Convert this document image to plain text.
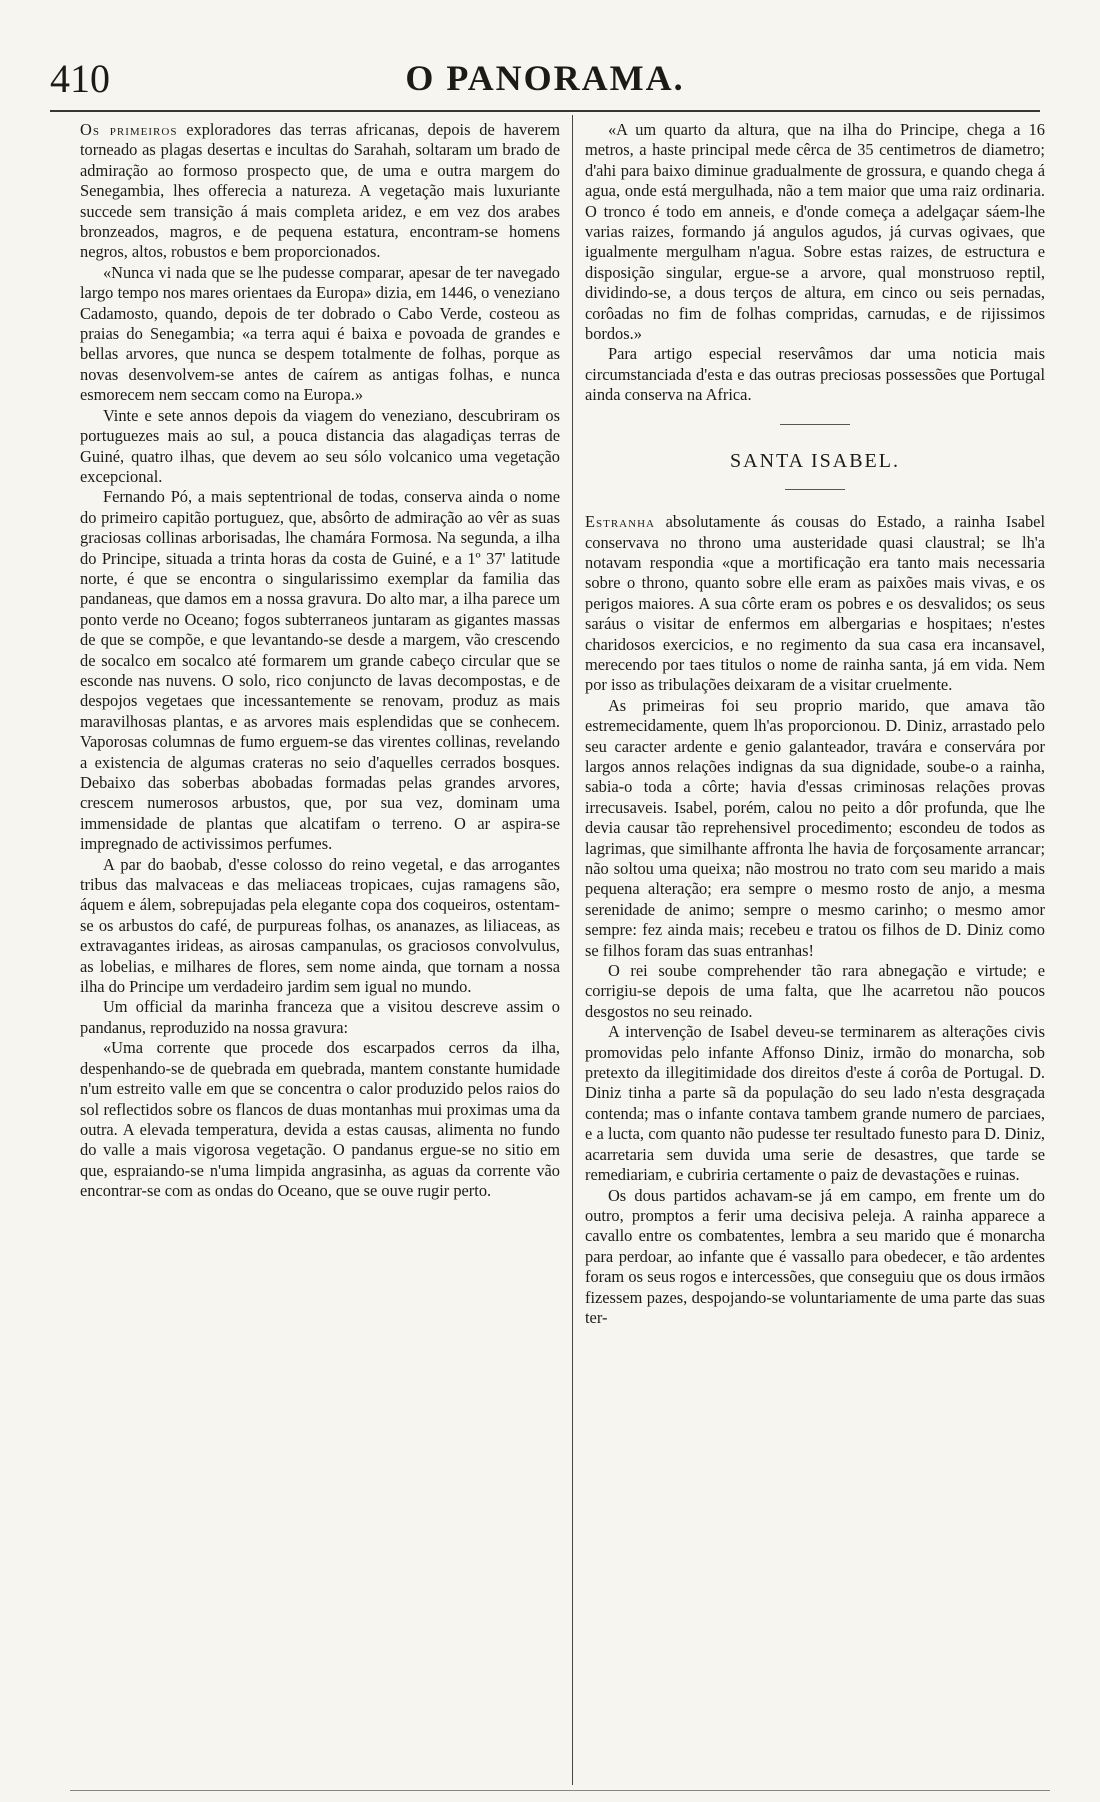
410	O PANORAMA.

Os primeiros exploradores das terras africanas, depois de haverem torneado as plagas desertas e incultas do Sarahah, soltaram um brado de admiração ao formoso prospecto que, de uma e outra margem do Senegambia, lhes offerecia a natureza. A vegetação mais luxuriante succede sem transição á mais completa aridez, e em vez dos arabes bronzeados, magros, e de pequena estatura, encontram-se homens negros, altos, robustos e bem proporcionados.

«Nunca vi nada que se lhe pudesse comparar, apesar de ter navegado largo tempo nos mares orientaes da Europa» dizia, em 1446, o veneziano Cadamosto, quando, depois de ter dobrado o Cabo Verde, costeou as praias do Senegambia; «a terra aqui é baixa e povoada de grandes e bellas arvores, que nunca se despem totalmente de folhas, porque as novas desenvolvem-se antes de caírem as antigas folhas, e nunca esmorecem nem seccam como na Europa.»

Vinte e sete annos depois da viagem do veneziano, descubriram os portuguezes mais ao sul, a pouca distancia das alagadiças terras de Guiné, quatro ilhas, que devem ao seu sólo volcanico uma vegetação excepcional.

Fernando Pó, a mais septentrional de todas, conserva ainda o nome do primeiro capitão portuguez, que, absôrto de admiração ao vêr as suas graciosas collinas arborisadas, lhe chamára Formosa. Na segunda, a ilha do Principe, situada a trinta horas da costa de Guiné, e a 1º 37' latitude norte, é que se encontra o singularissimo exemplar da familia das pandaneas, que damos em a nossa gravura. Do alto mar, a ilha parece um ponto verde no Oceano; fogos subterraneos juntaram as gigantes massas de que se compõe, e que levantando-se desde a margem, vão crescendo de socalco em socalco até formarem um grande cabeço circular que se esconde nas nuvens. O solo, rico conjuncto de lavas decompostas, e de despojos vegetaes que incessantemente se renovam, produz as mais maravilhosas plantas, e as arvores mais esplendidas que se conhecem. Vaporosas columnas de fumo erguem-se das virentes collinas, revelando a existencia de algumas crateras no seio d'aquelles cerrados bosques. Debaixo das soberbas abobadas formadas pelas grandes arvores, crescem numerosos arbustos, que, por sua vez, dominam uma immensidade de plantas que alcatifam o terreno. O ar aspira-se impregnado de activissimos perfumes.

A par do baobab, d'esse colosso do reino vegetal, e das arrogantes tribus das malvaceas e das meliaceas tropicaes, cujas ramagens são, áquem e álem, sobrepujadas pela elegante copa dos coqueiros, ostentam-se os arbustos do café, de purpureas folhas, os ananazes, as liliaceas, as extravagantes irideas, as airosas campanulas, os graciosos convolvulus, as lobelias, e milhares de flores, sem nome ainda, que tornam a nossa ilha do Principe um verdadeiro jardim sem igual no mundo.

Um official da marinha franceza que a visitou descreve assim o pandanus, reproduzido na nossa gravura:

«Uma corrente que procede dos escarpados cerros da ilha, despenhando-se de quebrada em quebrada, mantem constante humidade n'um estreito valle em que se concentra o calor produzido pelos raios do sol reflectidos sobre os flancos de duas montanhas mui proximas uma da outra. A elevada temperatura, devida a estas causas, alimenta no fundo do valle a mais vigorosa vegetação. O pandanus ergue-se no sitio em que, espraiando-se n'uma limpida angrasinha, as aguas da corrente vão encontrar-se com as ondas do Oceano, que se ouve rugir perto.

«A um quarto da altura, que na ilha do Principe, chega a 16 metros, a haste principal mede cêrca de 35 centimetros de diametro; d'ahi para baixo diminue gradualmente de grossura, e quando chega á agua, onde está mergulhada, não a tem maior que uma raiz ordinaria. O tronco é todo em anneis, e d'onde começa a adelgaçar sáem-lhe varias raizes, formando já angulos agudos, já curvas ogivaes, que igualmente mergulham n'agua. Sobre estas raizes, de estructura e disposição singular, ergue-se a arvore, qual monstruoso reptil, dividindo-se, a dous terços de altura, em cinco ou seis pernadas, corôadas no fim de folhas compridas, carnudas, e de rijissimos bordos.»

Para artigo especial reservâmos dar uma noticia mais circumstanciada d'esta e das outras preciosas possessões que Portugal ainda conserva na Africa.

SANTA ISABEL.

Estranha absolutamente ás cousas do Estado, a rainha Isabel conservava no throno uma austeridade quasi claustral; se lh'a notavam respondia «que a mortificação era tanto mais necessaria sobre o throno, quanto sobre elle eram as paixões mais vivas, e os perigos maiores. A sua côrte eram os pobres e os desvalidos; os seus saráus o visitar de enfermos em albergarias e hospitaes; n'estes charidosos exercicios, e no regimento da sua casa era incansavel, merecendo por taes titulos o nome de rainha santa, já em vida. Nem por isso as tribulações deixaram de a visitar cruelmente.

As primeiras foi seu proprio marido, que amava tão estremecidamente, quem lh'as proporcionou. D. Diniz, arrastado pelo seu caracter ardente e genio galanteador, travára e conservára por largos annos relações indignas da sua dignidade, soube-o a rainha, sabia-o toda a côrte; havia d'essas criminosas relações provas irrecusaveis. Isabel, porém, calou no peito a dôr profunda, que lhe devia causar tão reprehensivel procedimento; escondeu de todos as lagrimas, que similhante affronta lhe havia de forçosamente arrancar; não soltou uma queixa; não mostrou no trato com seu marido a mais pequena alteração; era sempre o mesmo rosto de anjo, a mesma serenidade de animo; sempre o mesmo carinho; o mesmo amor sempre: fez ainda mais; recebeu e tratou os filhos de D. Diniz como se filhos foram das suas entranhas!

O rei soube comprehender tão rara abnegação e virtude; e corrigiu-se depois de uma falta, que lhe acarretou não poucos desgostos no seu reinado.

A intervenção de Isabel deveu-se terminarem as alterações civis promovidas pelo infante Affonso Diniz, irmão do monarcha, sob pretexto da illegitimidade dos direitos d'este á corôa de Portugal. D. Diniz tinha a parte sã da população do seu lado n'esta desgraçada contenda; mas o infante contava tambem grande numero de parciaes, e a lucta, com quanto não pudesse ter resultado funesto para D. Diniz, acarretaria sem duvida uma serie de desastres, que tarde se remediariam, e cubriria certamente o paiz de devastações e ruinas.

Os dous partidos achavam-se já em campo, em frente um do outro, promptos a ferir uma decisiva peleja. A rainha apparece a cavallo entre os combatentes, lembra a seu marido que é monarcha para perdoar, ao infante que é vassallo para obedecer, e tão ardentes foram os seus rogos e intercessões, que conseguiu que os dous irmãos fizessem pazes, despojando-se voluntariamente de uma parte das suas ter-
